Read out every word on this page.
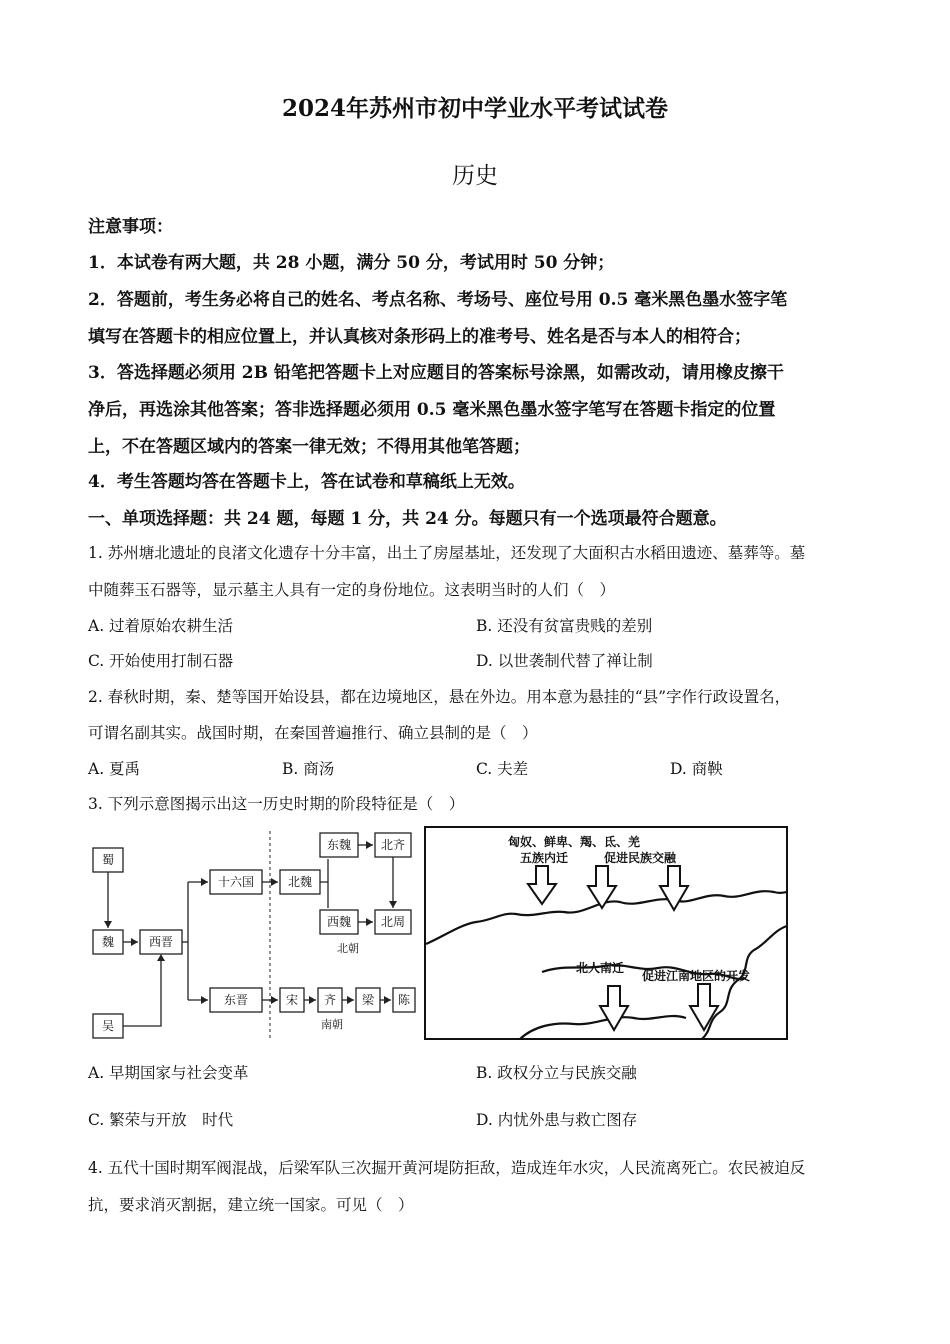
2024年苏州市初中学业水平考试试卷
历史
注意事项：
1．本试卷有两大题，共 28 小题，满分 50 分，考试用时 50 分钟；
2．答题前，考生务必将自己的姓名、考点名称、考场号、座位号用 0.5 毫米黑色墨水签字笔
填写在答题卡的相应位置上，并认真核对条形码上的准考号、姓名是否与本人的相符合；
3．答选择题必须用 2B 铅笔把答题卡上对应题目的答案标号涂黑，如需改动，请用橡皮擦干
净后，再选涂其他答案；答非选择题必须用 0.5 毫米黑色墨水签字笔写在答题卡指定的位置
上，不在答题区域内的答案一律无效；不得用其他笔答题；
4．考生答题均答在答题卡上，答在试卷和草稿纸上无效。
一、单项选择题：共 24 题，每题 1 分，共 24 分。每题只有一个选项最符合题意。
1. 苏州塘北遗址的良渚文化遗存十分丰富，出土了房屋基址，还发现了大面积古水稻田遗迹、墓葬等。墓
中随葬玉石器等，显示墓主人具有一定的身份地位。这表明当时的人们（　）
A. 过着原始农耕生活	B. 还没有贫富贵贱的差别
C. 开始使用打制石器	D. 以世袭制代替了禅让制
2. 春秋时期，秦、楚等国开始设县，都在边境地区，悬在外边。用本意为悬挂的“县”字作行政设置名，
可谓名副其实。战国时期，在秦国普遍推行、确立县制的是（　）
A. 夏禹	B. 商汤	C. 夫差	D. 商鞅
3. 下列示意图揭示出这一历史时期的阶段特征是（　）
蜀
魏
吴
西晋
十六国
东晋
北魏
东魏 北齐
西魏 北周
北朝
宋 齐 梁 陈
南朝
匈奴、鲜卑、羯、氐、羌
五族内迁	促进民族交融
北人南迁
促进江南地区的开发
A. 早期国家与社会变革	B. 政权分立与民族交融
C. 繁荣与开放　时代	D. 内忧外患与救亡图存
4. 五代十国时期军阀混战，后梁军队三次掘开黄河堤防拒敌，造成连年水灾，人民流离死亡。农民被迫反
抗，要求消灭割据，建立统一国家。可见（　）
